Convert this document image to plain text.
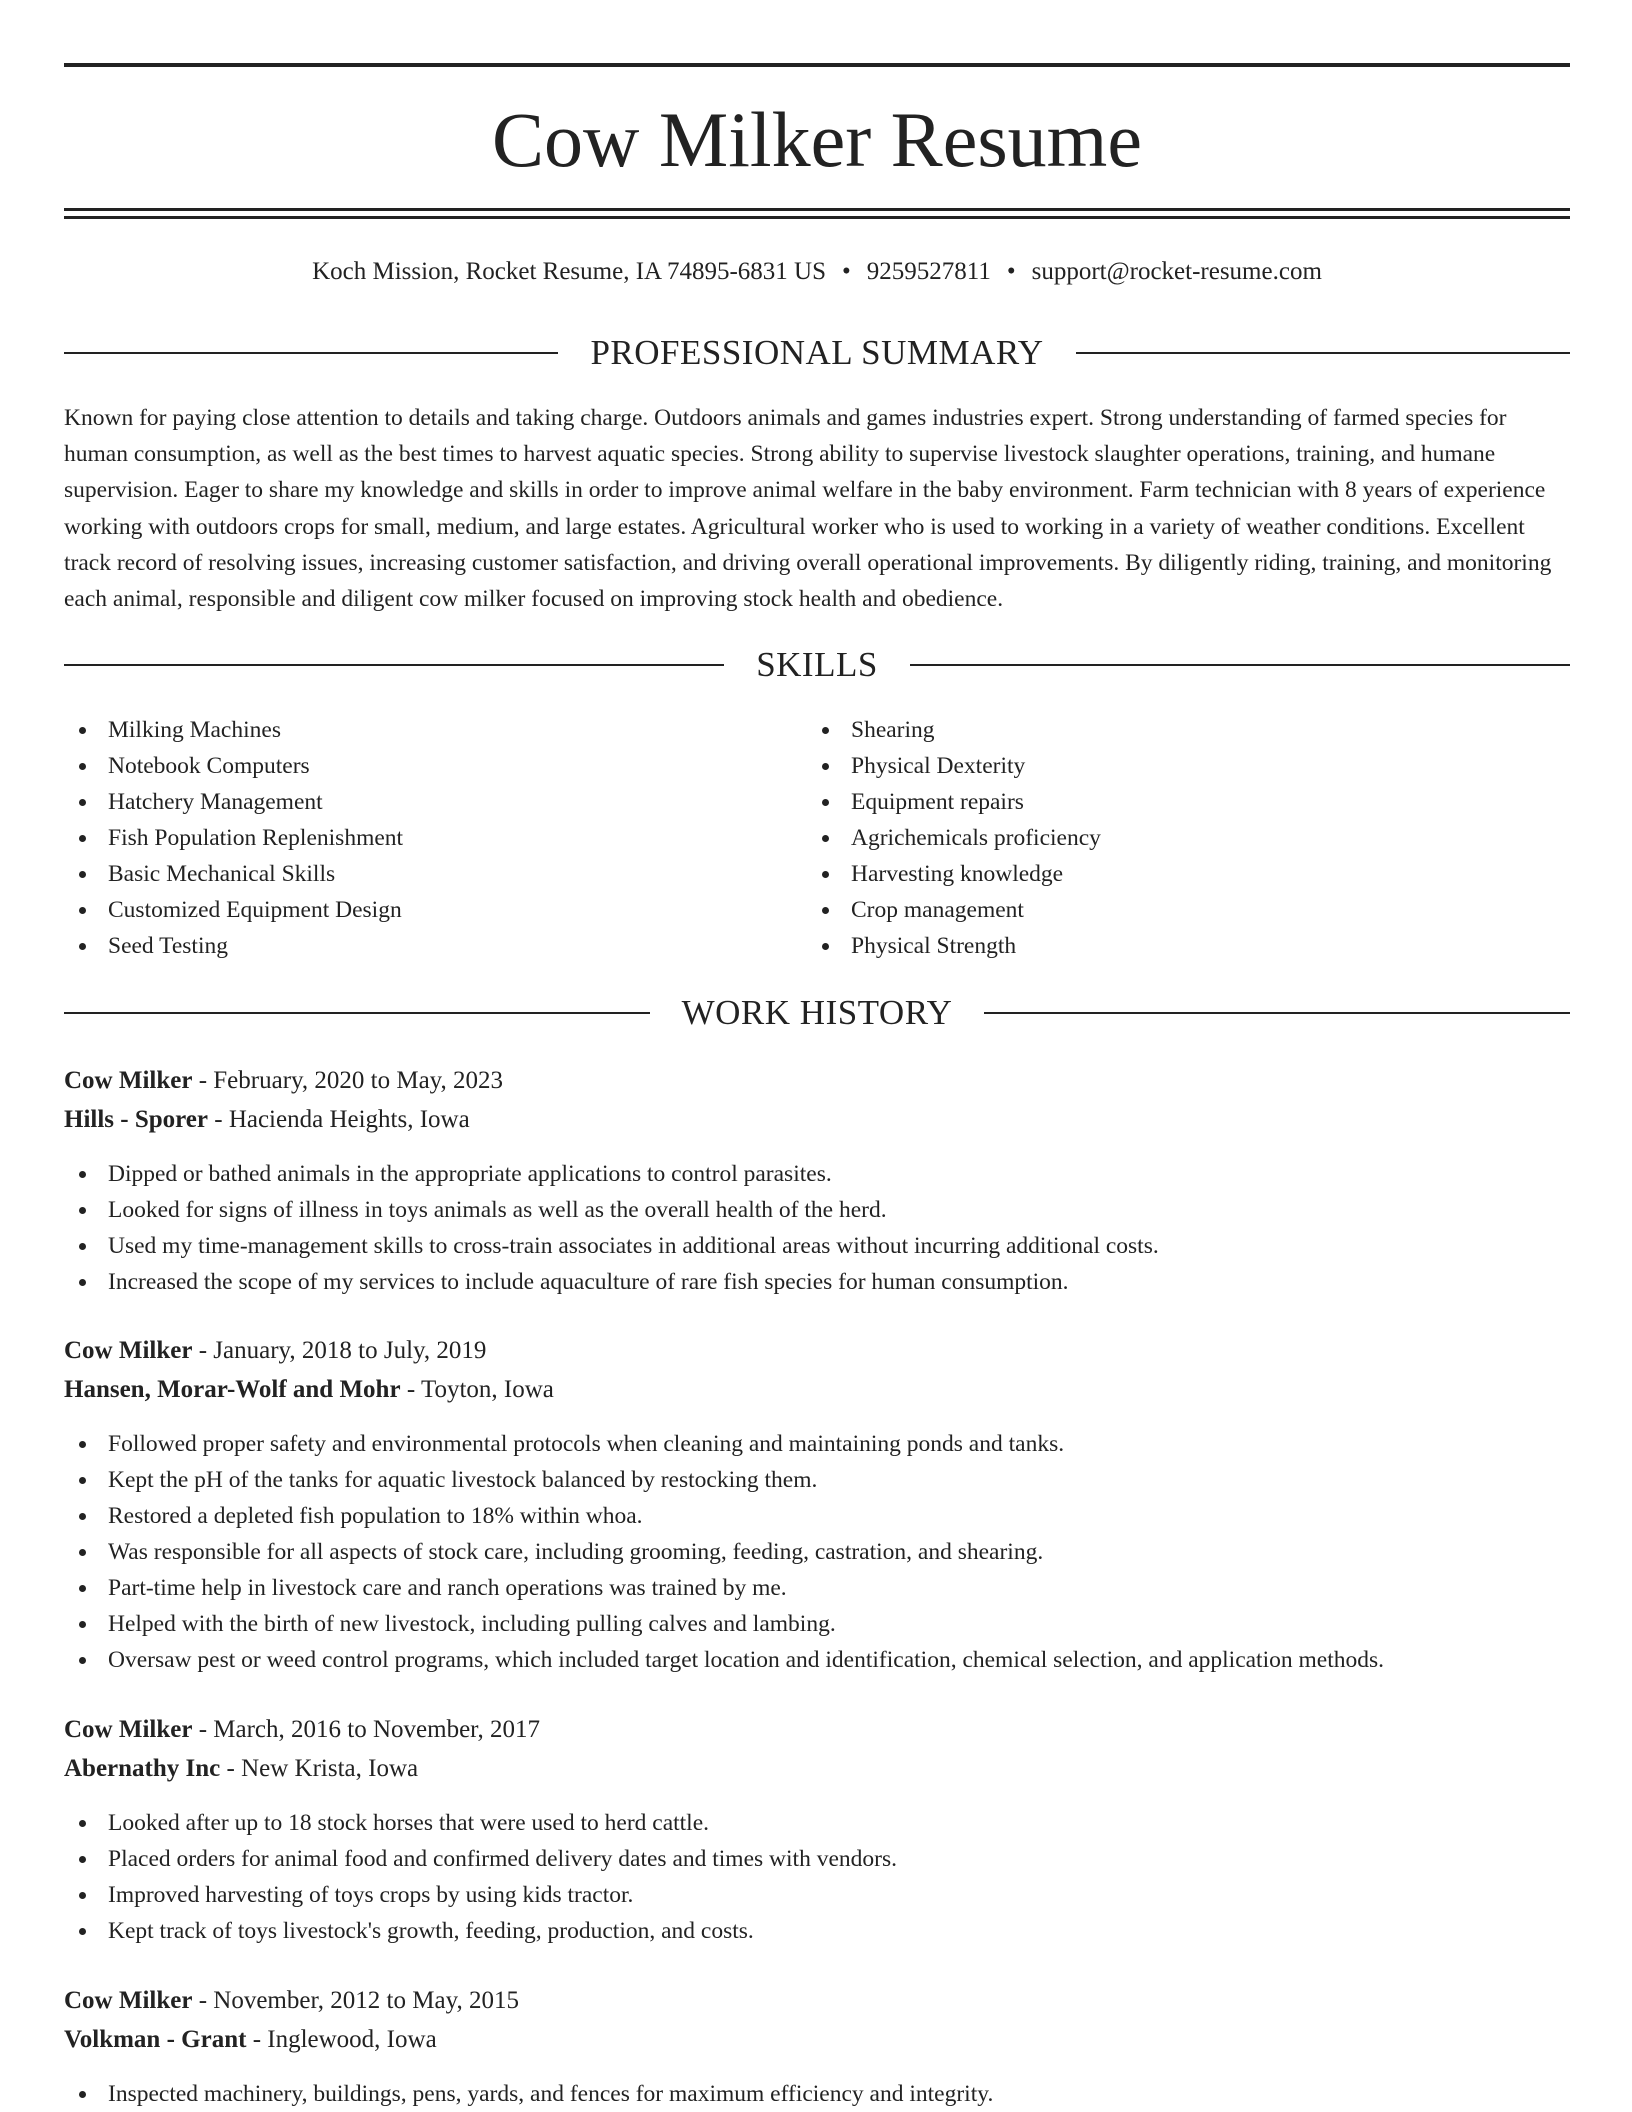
Cow Milker Resume
Koch Mission, Rocket Resume, IA 74895-6831 US • 9259527811 • support@rocket-resume.com
PROFESSIONAL SUMMARY
Known for paying close attention to details and taking charge. Outdoors animals and games industries expert. Strong understanding of farmed species for human consumption, as well as the best times to harvest aquatic species. Strong ability to supervise livestock slaughter operations, training, and humane supervision. Eager to share my knowledge and skills in order to improve animal welfare in the baby environment. Farm technician with 8 years of experience working with outdoors crops for small, medium, and large estates. Agricultural worker who is used to working in a variety of weather conditions. Excellent track record of resolving issues, increasing customer satisfaction, and driving overall operational improvements. By diligently riding, training, and monitoring each animal, responsible and diligent cow milker focused on improving stock health and obedience.
SKILLS
Milking Machines
Notebook Computers
Hatchery Management
Fish Population Replenishment
Basic Mechanical Skills
Customized Equipment Design
Seed Testing
Shearing
Physical Dexterity
Equipment repairs
Agrichemicals proficiency
Harvesting knowledge
Crop management
Physical Strength
WORK HISTORY
Cow Milker - February, 2020 to May, 2023
Hills - Sporer - Hacienda Heights, Iowa
Dipped or bathed animals in the appropriate applications to control parasites.
Looked for signs of illness in toys animals as well as the overall health of the herd.
Used my time-management skills to cross-train associates in additional areas without incurring additional costs.
Increased the scope of my services to include aquaculture of rare fish species for human consumption.
Cow Milker - January, 2018 to July, 2019
Hansen, Morar-Wolf and Mohr - Toyton, Iowa
Followed proper safety and environmental protocols when cleaning and maintaining ponds and tanks.
Kept the pH of the tanks for aquatic livestock balanced by restocking them.
Restored a depleted fish population to 18% within whoa.
Was responsible for all aspects of stock care, including grooming, feeding, castration, and shearing.
Part-time help in livestock care and ranch operations was trained by me.
Helped with the birth of new livestock, including pulling calves and lambing.
Oversaw pest or weed control programs, which included target location and identification, chemical selection, and application methods.
Cow Milker - March, 2016 to November, 2017
Abernathy Inc - New Krista, Iowa
Looked after up to 18 stock horses that were used to herd cattle.
Placed orders for animal food and confirmed delivery dates and times with vendors.
Improved harvesting of toys crops by using kids tractor.
Kept track of toys livestock's growth, feeding, production, and costs.
Cow Milker - November, 2012 to May, 2015
Volkman - Grant - Inglewood, Iowa
Inspected machinery, buildings, pens, yards, and fences for maximum efficiency and integrity.
